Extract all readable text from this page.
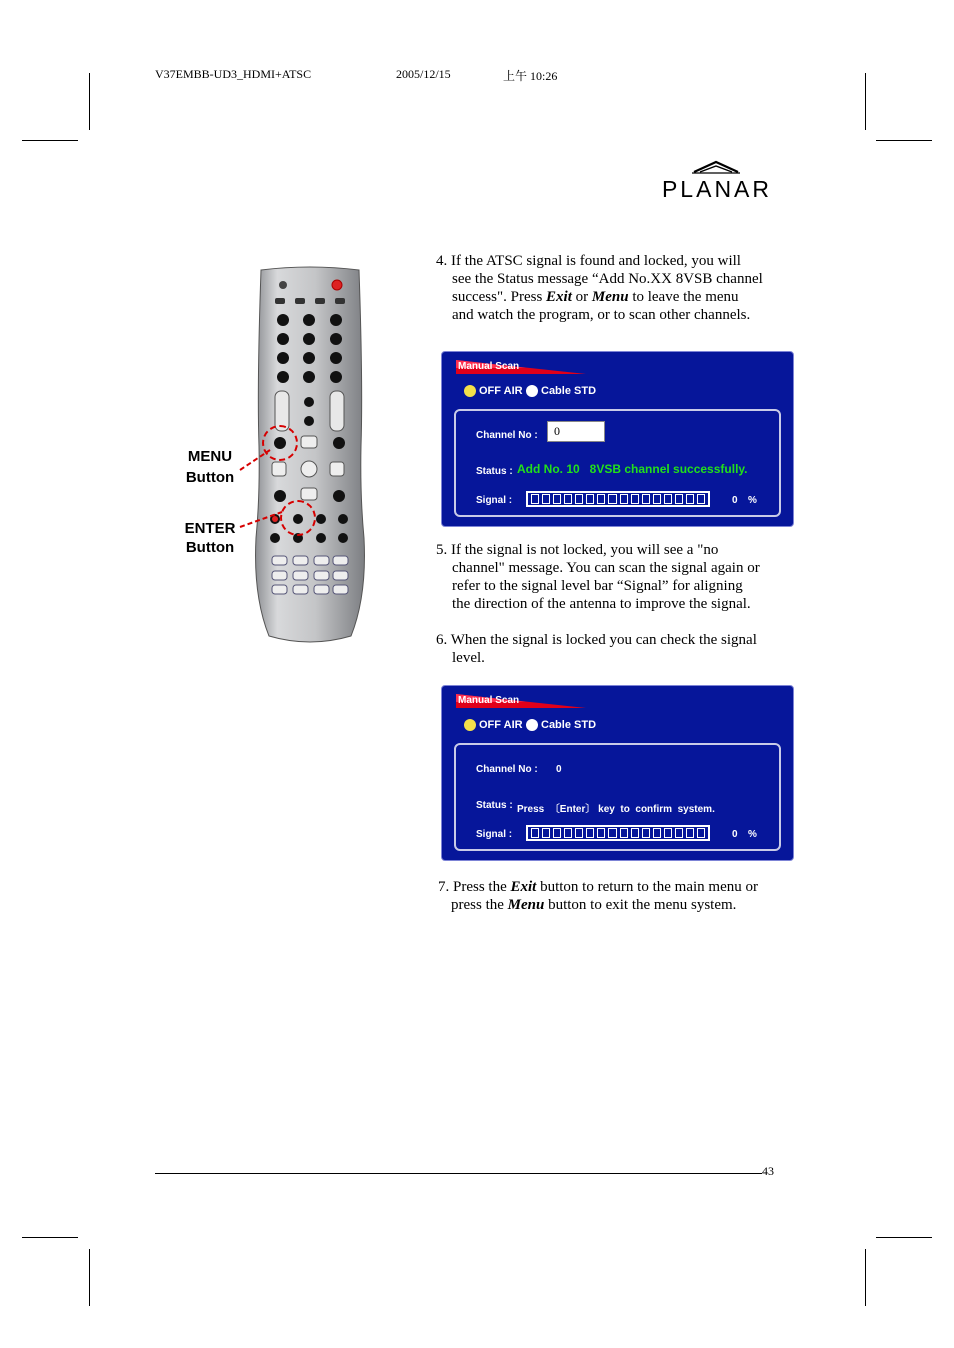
V37EMBB-UD3_HDMI+ATSC	2005/12/15	上午 10:26
PLANAR
MENU
Button
ENTER
Button
4. If the ATSC signal is found and locked, you will
see the Status message “Add No.XX 8VSB channel
success". Press Exit or Menu to leave the menu
and watch the program, or to scan other channels.
Manual Scan
OFF AIR Cable STD
Channel No :	0
Status : Add No. 10   8VSB channel successfully.
Signal :	0 %
5. If the signal is not locked, you will see a "no
channel" message. You can scan the signal again or
refer to the signal level bar “Signal” for aligning
the direction of the antenna to improve the signal.
6. When the signal is locked you can check the signal
level.
Manual Scan
OFF AIR Cable STD
Channel No : 0
Status : Press  〔Enter〕 key  to  confirm  system.
Signal :	0 %
7. Press the Exit button to return to the main menu or
press the Menu button to exit the menu system.
43
